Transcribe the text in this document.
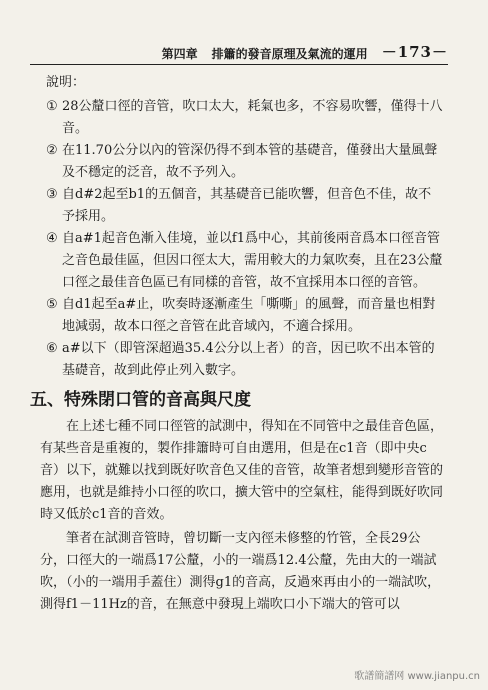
第四章 排簫的發音原理及氣流的運用 －173－
說明：
① 28公釐口徑的音管，吹口太大，耗氣也多，不容易吹響，僅得十八音。
② 在11.70公分以內的管深仍得不到本管的基礎音，僅發出大量風聲及不穩定的泛音，故不予列入。
③ 自d#2起至b1的五個音，其基礎音已能吹響，但音色不佳，故不予採用。
④ 自a#1起音色漸入佳境，並以f1爲中心，其前後兩音爲本口徑音管之音色最佳區，但因口徑太大，需用較大的力氣吹奏，且在23公釐口徑之最佳音色區已有同樣的音管，故不宜採用本口徑的音管。
⑤ 自d1起至a#止，吹奏時逐漸產生「嘶嘶」的風聲，而音量也相對地減弱，故本口徑之音管在此音域內，不適合採用。
⑥ a#以下（即管深超過35.4公分以上者）的音，因已吹不出本管的基礎音，故到此停止列入數字。
五、特殊閉口管的音高與尺度

在上述七種不同口徑管的試測中，得知在不同管中之最佳音色區，有某些音是重複的，製作排簫時可自由選用，但是在c1音（即中央c音）以下，就難以找到既好吹音色又佳的音管，故筆者想到變形音管的應用，也就是維持小口徑的吹口，擴大管中的空氣柱，能得到既好吹同時又低於c1音的音效。

筆者在試測音管時，曾切斷一支內徑未修整的竹管，全長29公分，口徑大的一端爲17公釐，小的一端爲12.4公釐，先由大的一端試吹，（小的一端用手蓋住）測得g1的音高，反過來再由小的一端試吹，測得f1－11Hz的音，在無意中發現上端吹口小下端大的管可以

歌譜簡譜网 www.jianpu.cn
